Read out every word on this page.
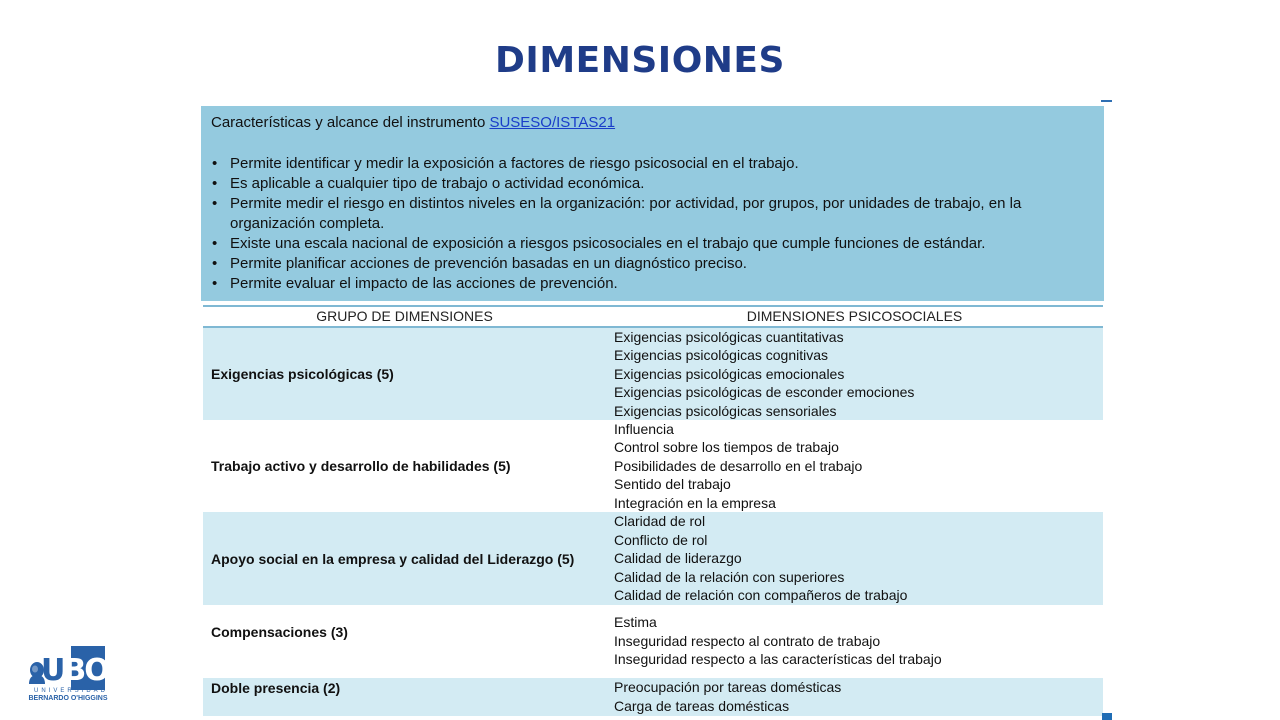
DIMENSIONES
Características y alcance del instrumento SUSESO/ISTAS21
• Permite identificar y medir la exposición a factores de riesgo psicosocial en el trabajo.
• Es aplicable a cualquier tipo de trabajo o actividad económica.
• Permite medir el riesgo en distintos niveles en la organización: por actividad, por grupos, por unidades de trabajo, en la organización completa.
• Existe una escala nacional de exposición a riesgos psicosociales en el trabajo que cumple funciones de estándar.
• Permite planificar acciones de prevención basadas en un diagnóstico preciso.
• Permite evaluar el impacto de las acciones de prevención.
GRUPO DE DIMENSIONES	DIMENSIONES PSICOSOCIALES
Exigencias psicológicas (5)
Exigencias psicológicas cuantitativas
Exigencias psicológicas cognitivas
Exigencias psicológicas emocionales
Exigencias psicológicas de esconder emociones
Exigencias psicológicas sensoriales
Trabajo activo y desarrollo de habilidades (5)
Influencia
Control sobre los tiempos de trabajo
Posibilidades de desarrollo en el trabajo
Sentido del trabajo
Integración en la empresa
Apoyo social en la empresa y calidad del Liderazgo (5)
Claridad de rol
Conflicto de rol
Calidad de liderazgo
Calidad de la relación con superiores
Calidad de relación con compañeros de trabajo
Compensaciones (3)
Estima
Inseguridad respecto al contrato de trabajo
Inseguridad respecto a las características del trabajo
Doble presencia (2)	Preocupación por tareas domésticas
Carga de tareas domésticas
UBO
UNIVERSIDAD
BERNARDO O'HIGGINS
